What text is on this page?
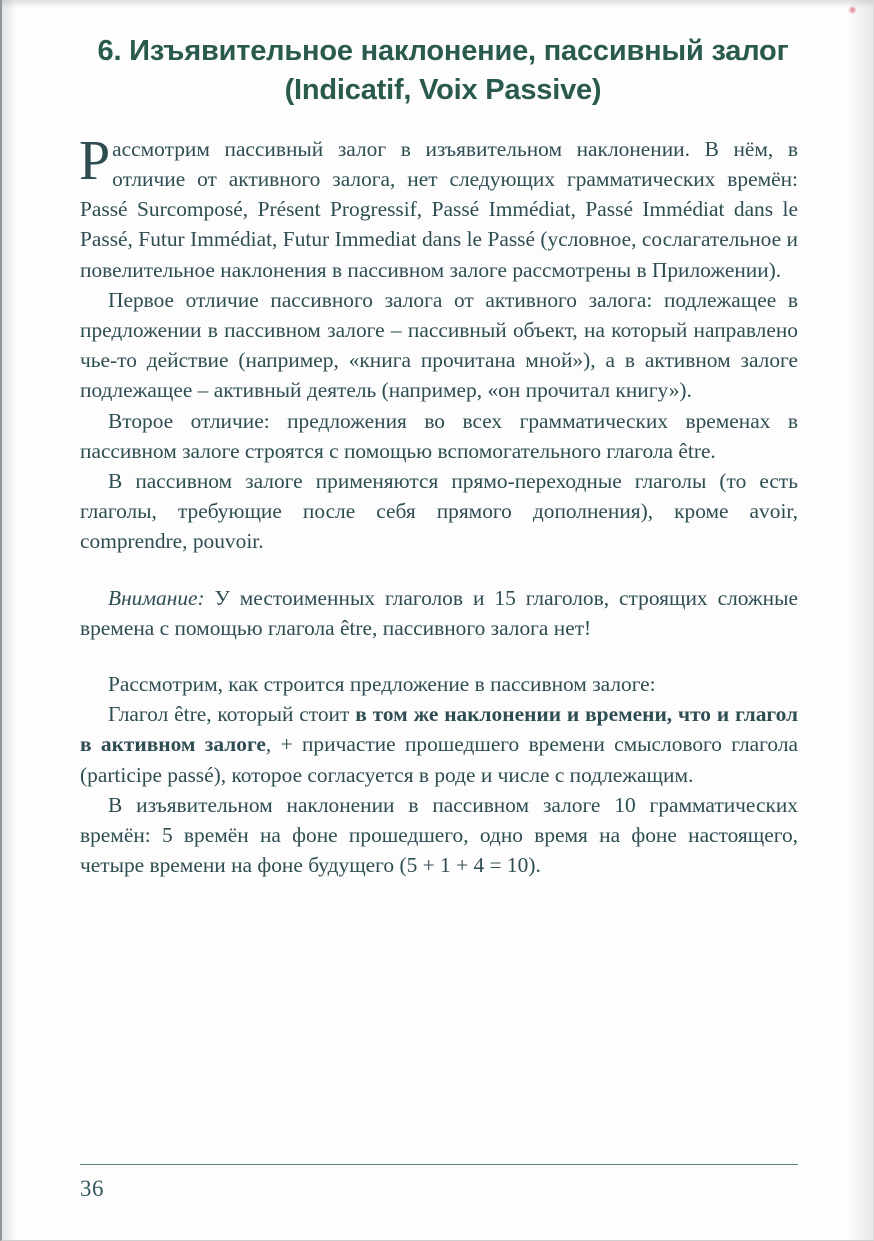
6. Изъявительное наклонение, пассивный залог (Indicatif, Voix Passive)

Рассмотрим пассивный залог в изъявительном наклонении. В нём, в отличие от активного залога, нет следующих грамматических времён: Passé Surcomposé, Présent Progressif, Passé Immédiat, Passé Immédiat dans le Passé, Futur Immédiat, Futur Immediat dans le Passé (условное, сослагательное и повелительное наклонения в пассивном залоге рассмотрены в Приложении).

Первое отличие пассивного залога от активного залога: подлежащее в предложении в пассивном залоге – пассивный объект, на который направлено чье-то действие (например, «книга прочитана мной»), а в активном залоге подлежащее – активный деятель (например, «он прочитал книгу»).

Второе отличие: предложения во всех грамматических временах в пассивном залоге строятся с помощью вспомогательного глагола être.

В пассивном залоге применяются прямо-переходные глаголы (то есть глаголы, требующие после себя прямого дополнения), кроме avoir, comprendre, pouvoir.

Внимание: У местоименных глаголов и 15 глаголов, строящих сложные времена с помощью глагола être, пассивного залога нет!

Рассмотрим, как строится предложение в пассивном залоге:

Глагол être, который стоит в том же наклонении и времени, что и глагол в активном залоге, + причастие прошедшего времени смыслового глагола (participe passé), которое согласуется в роде и числе с подлежащим.

В изъявительном наклонении в пассивном залоге 10 грамматических времён: 5 времён на фоне прошедшего, одно время на фоне настоящего, четыре времени на фоне будущего (5 + 1 + 4 = 10).

36
